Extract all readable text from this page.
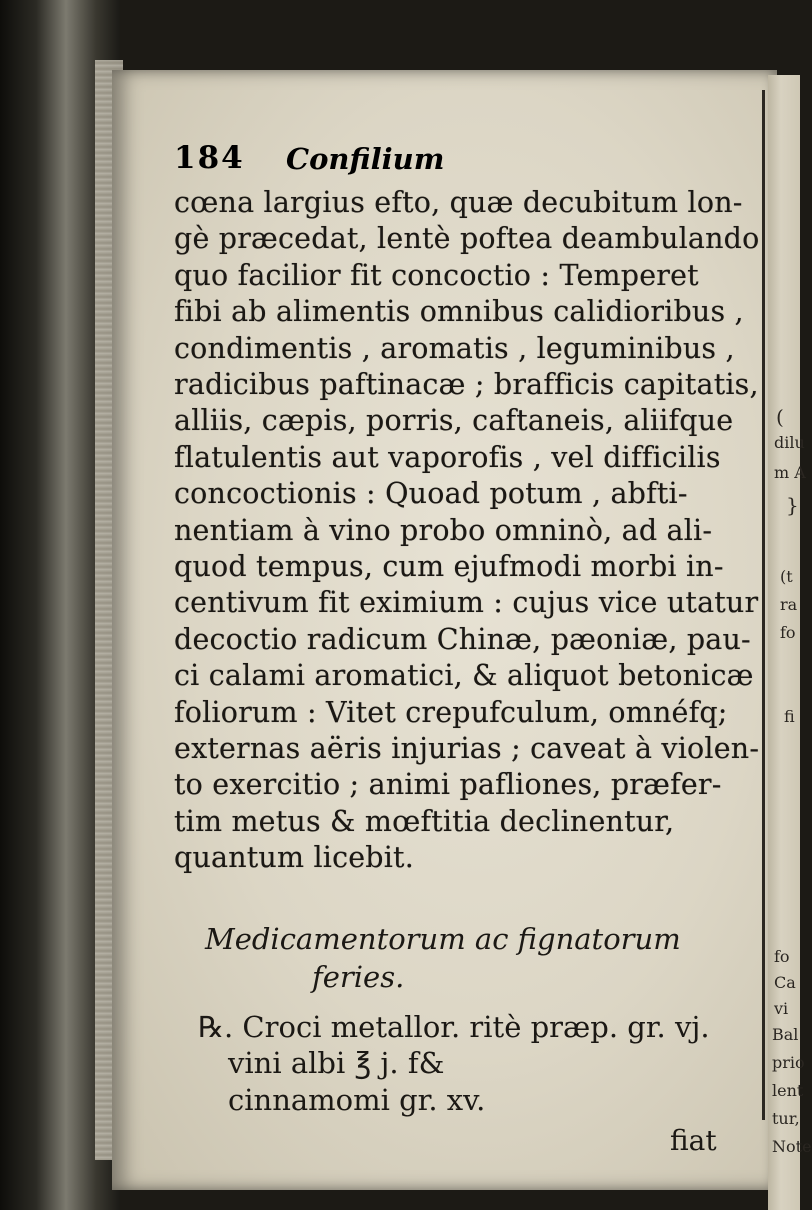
(
dilu
m A
}
(t
ra
fo
fi
fo
Ca
vi
Bal
prio
lent
tur,
Note
184 Confilium
cœna largius efto, quæ decubitum lon-
gè præcedat, lentè poftea deambulando
quo facilior fit concoctio : Temperet
fibi ab alimentis omnibus calidioribus ,
condimentis , aromatis , leguminibus ,
radicibus paftinacæ ; brafficis capitatis,
alliis, cæpis, porris, caftaneis, aliifque
flatulentis aut vaporofis , vel difficilis
concoctionis : Quoad potum , abfti-
nentiam à vino probo omninò, ad ali-
quod tempus, cum ejufmodi morbi in-
centivum fit eximium : cujus vice utatur
decoctio radicum Chinæ, pæoniæ, pau-
ci calami aromatici, & aliquot betonicæ
foliorum : Vitet crepufculum, omnéfq;
externas aëris injurias ; caveat à violen-
to exercitio ; animi pafliones, præfer-
tim metus & mœftitia declinentur,
quantum licebit.
Medicamentorum ac fignatorum
feries.
℞. Croci metallor. ritè præp. gr. vj.
vini albi ℥ j. f&
cinnamomi gr. xv.
fiat
